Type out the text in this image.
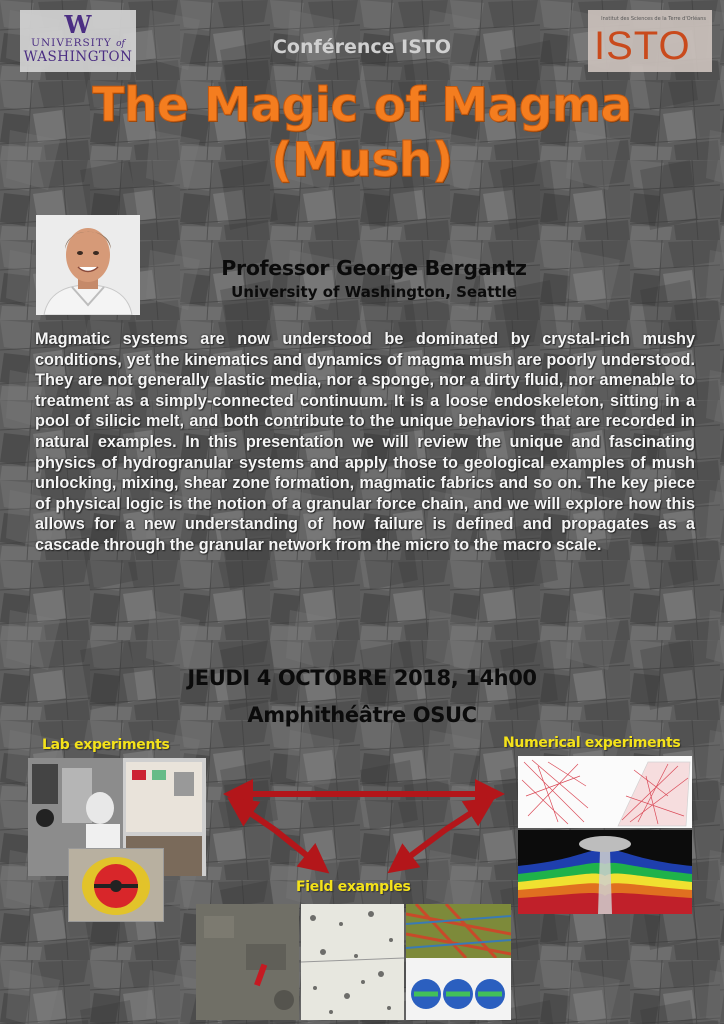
W
UNIVERSITY of
WASHINGTON
Institut des Sciences de la Terre d'Orléans
ISTO
Conférence ISTO
The Magic of Magma
(Mush)
Professor George Bergantz
University of Washington, Seattle

Magmatic systems are now understood be dominated by crystal-rich mushy conditions, yet the kinematics and dynamics of magma mush are poorly understood. They are not generally elastic media, nor a sponge, nor a dirty fluid, nor amenable to treatment as a simply-connected continuum. It is a loose endoskeleton, sitting in a pool of silicic melt, and both contribute to the unique behaviors that are recorded in natural examples. In this presentation we will review the unique and fascinating physics of hydrogranular systems and apply those to geological examples of mush unlocking, mixing, shear zone formation, magmatic fabrics and so on. The key piece of physical logic is the notion of a granular force chain, and we will explore how this allows for a new understanding of how failure is defined and propagates as a cascade through the granular network from the micro to the macro scale.

JEUDI 4 OCTOBRE 2018, 14h00
Amphithéâtre OSUC
Lab experiments	Numerical experiments
Field examples
